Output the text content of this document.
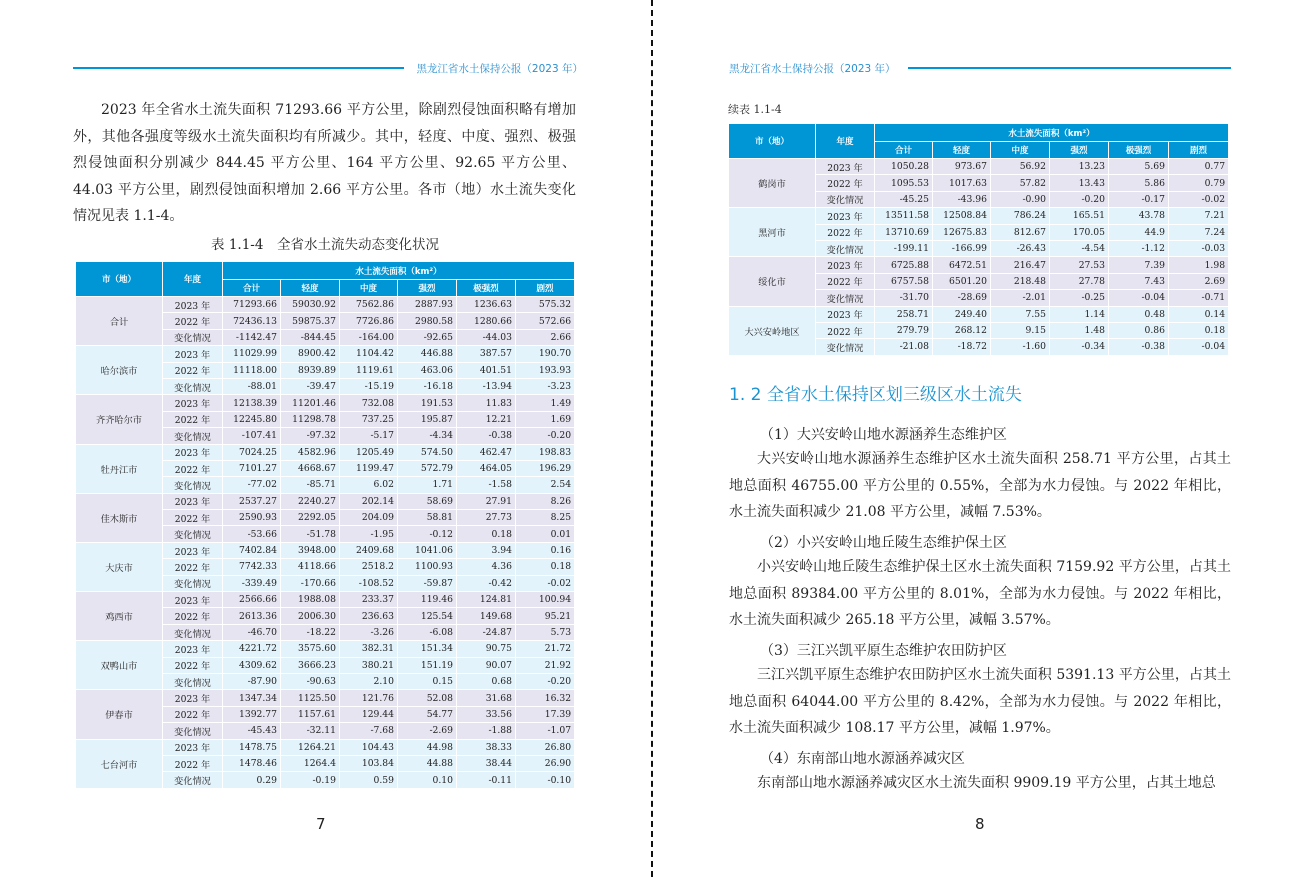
黑龙江省水土保持公报（2023 年）

2023 年全省水土流失面积 71293.66 平方公里，除剧烈侵蚀面积略有增加外，其他各强度等级水土流失面积均有所减少。其中，轻度、中度、强烈、极强烈侵蚀面积分别减少 844.45 平方公里、164 平方公里、92.65 平方公里、44.03 平方公里，剧烈侵蚀面积增加 2.66 平方公里。各市（地）水土流失变化情况见表 1.1-4。

表 1.1-4　全省水土流失动态变化状况
市（地）	年度	水土流失面积（km²）					
		合计	轻度	中度	强烈	极强烈	剧烈
合计	2023 年	71293.66	59030.92	7562.86	2887.93	1236.63	575.32
	2022 年	72436.13	59875.37	7726.86	2980.58	1280.66	572.66
	变化情况	-1142.47	-844.45	-164.00	-92.65	-44.03	2.66
哈尔滨市	2023 年	11029.99	8900.42	1104.42	446.88	387.57	190.70
	2022 年	11118.00	8939.89	1119.61	463.06	401.51	193.93
	变化情况	-88.01	-39.47	-15.19	-16.18	-13.94	-3.23
齐齐哈尔市	2023 年	12138.39	11201.46	732.08	191.53	11.83	1.49
	2022 年	12245.80	11298.78	737.25	195.87	12.21	1.69
	变化情况	-107.41	-97.32	-5.17	-4.34	-0.38	-0.20
牡丹江市	2023 年	7024.25	4582.96	1205.49	574.50	462.47	198.83
	2022 年	7101.27	4668.67	1199.47	572.79	464.05	196.29
	变化情况	-77.02	-85.71	6.02	1.71	-1.58	2.54
佳木斯市	2023 年	2537.27	2240.27	202.14	58.69	27.91	8.26
	2022 年	2590.93	2292.05	204.09	58.81	27.73	8.25
	变化情况	-53.66	-51.78	-1.95	-0.12	0.18	0.01
大庆市	2023 年	7402.84	3948.00	2409.68	1041.06	3.94	0.16
	2022 年	7742.33	4118.66	2518.2	1100.93	4.36	0.18
	变化情况	-339.49	-170.66	-108.52	-59.87	-0.42	-0.02
鸡西市	2023 年	2566.66	1988.08	233.37	119.46	124.81	100.94
	2022 年	2613.36	2006.30	236.63	125.54	149.68	95.21
	变化情况	-46.70	-18.22	-3.26	-6.08	-24.87	5.73
双鸭山市	2023 年	4221.72	3575.60	382.31	151.34	90.75	21.72
	2022 年	4309.62	3666.23	380.21	151.19	90.07	21.92
	变化情况	-87.90	-90.63	2.10	0.15	0.68	-0.20
伊春市	2023 年	1347.34	1125.50	121.76	52.08	31.68	16.32
	2022 年	1392.77	1157.61	129.44	54.77	33.56	17.39
	变化情况	-45.43	-32.11	-7.68	-2.69	-1.88	-1.07
七台河市	2023 年	1478.75	1264.21	104.43	44.98	38.33	26.80
	2022 年	1478.46	1264.4	103.84	44.88	38.44	26.90
	变化情况	0.29	-0.19	0.59	0.10	-0.11	-0.10
7
黑龙江省水土保持公报（2023 年）
续表 1.1-4
市（地）	年度	水土流失面积（km²）					
		合计	轻度	中度	强烈	极强烈	剧烈
鹤岗市	2023 年	1050.28	973.67	56.92	13.23	5.69	0.77
	2022 年	1095.53	1017.63	57.82	13.43	5.86	0.79
	变化情况	-45.25	-43.96	-0.90	-0.20	-0.17	-0.02
黑河市	2023 年	13511.58	12508.84	786.24	165.51	43.78	7.21
	2022 年	13710.69	12675.83	812.67	170.05	44.9	7.24
	变化情况	-199.11	-166.99	-26.43	-4.54	-1.12	-0.03
绥化市	2023 年	6725.88	6472.51	216.47	27.53	7.39	1.98
	2022 年	6757.58	6501.20	218.48	27.78	7.43	2.69
	变化情况	-31.70	-28.69	-2.01	-0.25	-0.04	-0.71
大兴安岭地区	2023 年	258.71	249.40	7.55	1.14	0.48	0.14
	2022 年	279.79	268.12	9.15	1.48	0.86	0.18
	变化情况	-21.08	-18.72	-1.60	-0.34	-0.38	-0.04
1. 2 全省水土保持区划三级区水土流失
（1）大兴安岭山地水源涵养生态维护区

大兴安岭山地水源涵养生态维护区水土流失面积 258.71 平方公里，占其土地总面积 46755.00 平方公里的 0.55%，全部为水力侵蚀。与 2022 年相比，水土流失面积减少 21.08 平方公里，减幅 7.53%。

（2）小兴安岭山地丘陵生态维护保土区

小兴安岭山地丘陵生态维护保土区水土流失面积 7159.92 平方公里，占其土地总面积 89384.00 平方公里的 8.01%，全部为水力侵蚀。与 2022 年相比，水土流失面积减少 265.18 平方公里，减幅 3.57%。

（3）三江兴凯平原生态维护农田防护区

三江兴凯平原生态维护农田防护区水土流失面积 5391.13 平方公里，占其土地总面积 64044.00 平方公里的 8.42%，全部为水力侵蚀。与 2022 年相比，水土流失面积减少 108.17 平方公里，减幅 1.97%。

（4）东南部山地水源涵养减灾区

东南部山地水源涵养减灾区水土流失面积 9909.19 平方公里，占其土地总

8
